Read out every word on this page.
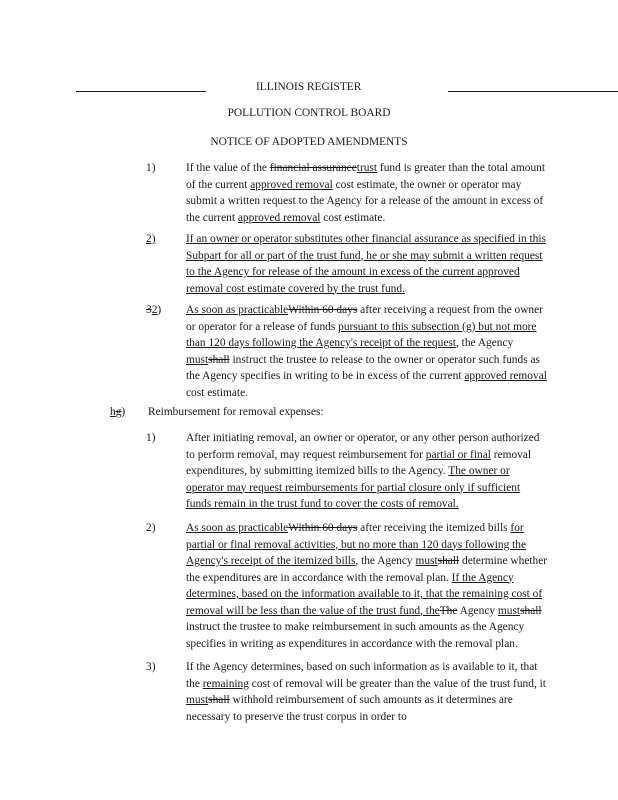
ILLINOIS REGISTER
POLLUTION CONTROL BOARD
NOTICE OF ADOPTED AMENDMENTS
1)	If the value of the financial assurancetrust fund is greater than the total amount of the current approved removal cost estimate, the owner or operator may submit a written request to the Agency for a release of the amount in excess of the current approved removal cost estimate.
2)	If an owner or operator substitutes other financial assurance as specified in this Subpart for all or part of the trust fund, he or she may submit a written request to the Agency for release of the amount in excess of the current approved removal cost estimate covered by the trust fund.
32) As soon as practicableWithin 60 days after receiving a request from the owner or operator for a release of funds pursuant to this subsection (g) but not more than 120 days following the Agency's receipt of the request, the Agency mustshall instruct the trustee to release to the owner or operator such funds as the Agency specifies in writing to be in excess of the current approved removal cost estimate.
hg) Reimbursement for removal expenses:
1)	After initiating removal, an owner or operator, or any other person authorized to perform removal, may request reimbursement for partial or final removal expenditures, by submitting itemized bills to the Agency. The owner or operator may request reimbursements for partial closure only if sufficient funds remain in the trust fund to cover the costs of removal.
2)	As soon as practicableWithin 60 days after receiving the itemized bills for partial or final removal activities, but no more than 120 days following the Agency's receipt of the itemized bills, the Agency mustshall determine whether the expenditures are in accordance with the removal plan. If the Agency determines, based on the information available to it, that the remaining cost of removal will be less than the value of the trust fund, theThe Agency mustshall instruct the trustee to make reimbursement in such amounts as the Agency specifies in writing as expenditures in accordance with the removal plan.
3)	If the Agency determines, based on such information as is available to it, that the remaining cost of removal will be greater than the value of the trust fund, it mustshall withhold reimbursement of such amounts as it determines are necessary to preserve the trust corpus in order to
